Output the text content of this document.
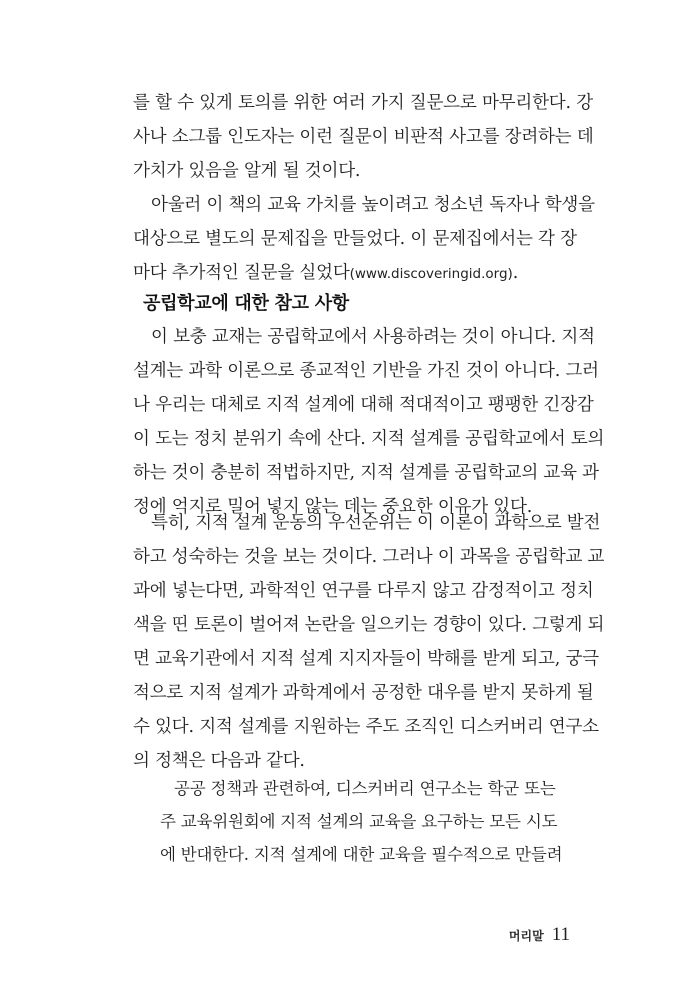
를 할 수 있게 토의를 위한 여러 가지 질문으로 마무리한다. 강
사나 소그룹 인도자는 이런 질문이 비판적 사고를 장려하는 데
가치가 있음을 알게 될 것이다.
아울러 이 책의 교육 가치를 높이려고 청소년 독자나 학생을
대상으로 별도의 문제집을 만들었다. 이 문제집에서는 각 장
마다 추가적인 질문을 실었다(www.discoveringid.org).
공립학교에 대한 참고 사항
이 보충 교재는 공립학교에서 사용하려는 것이 아니다. 지적
설계는 과학 이론으로 종교적인 기반을 가진 것이 아니다. 그러
나 우리는 대체로 지적 설계에 대해 적대적이고 팽팽한 긴장감
이 도는 정치 분위기 속에 산다. 지적 설계를 공립학교에서 토의
하는 것이 충분히 적법하지만, 지적 설계를 공립학교의 교육 과
정에 억지로 밀어 넣지 않는 데는 중요한 이유가 있다.
특히, 지적 설계 운동의 우선순위는 이 이론이 과학으로 발전
하고 성숙하는 것을 보는 것이다. 그러나 이 과목을 공립학교 교
과에 넣는다면, 과학적인 연구를 다루지 않고 감정적이고 정치
색을 띤 토론이 벌어져 논란을 일으키는 경향이 있다. 그렇게 되
면 교육기관에서 지적 설계 지지자들이 박해를 받게 되고, 궁극
적으로 지적 설계가 과학계에서 공정한 대우를 받지 못하게 될
수 있다. 지적 설계를 지원하는 주도 조직인 디스커버리 연구소
의 정책은 다음과 같다.
공공 정책과 관련하여, 디스커버리 연구소는 학군 또는
주 교육위원회에 지적 설계의 교육을 요구하는 모든 시도
에 반대한다. 지적 설계에 대한 교육을 필수적으로 만들려
머리말 11
